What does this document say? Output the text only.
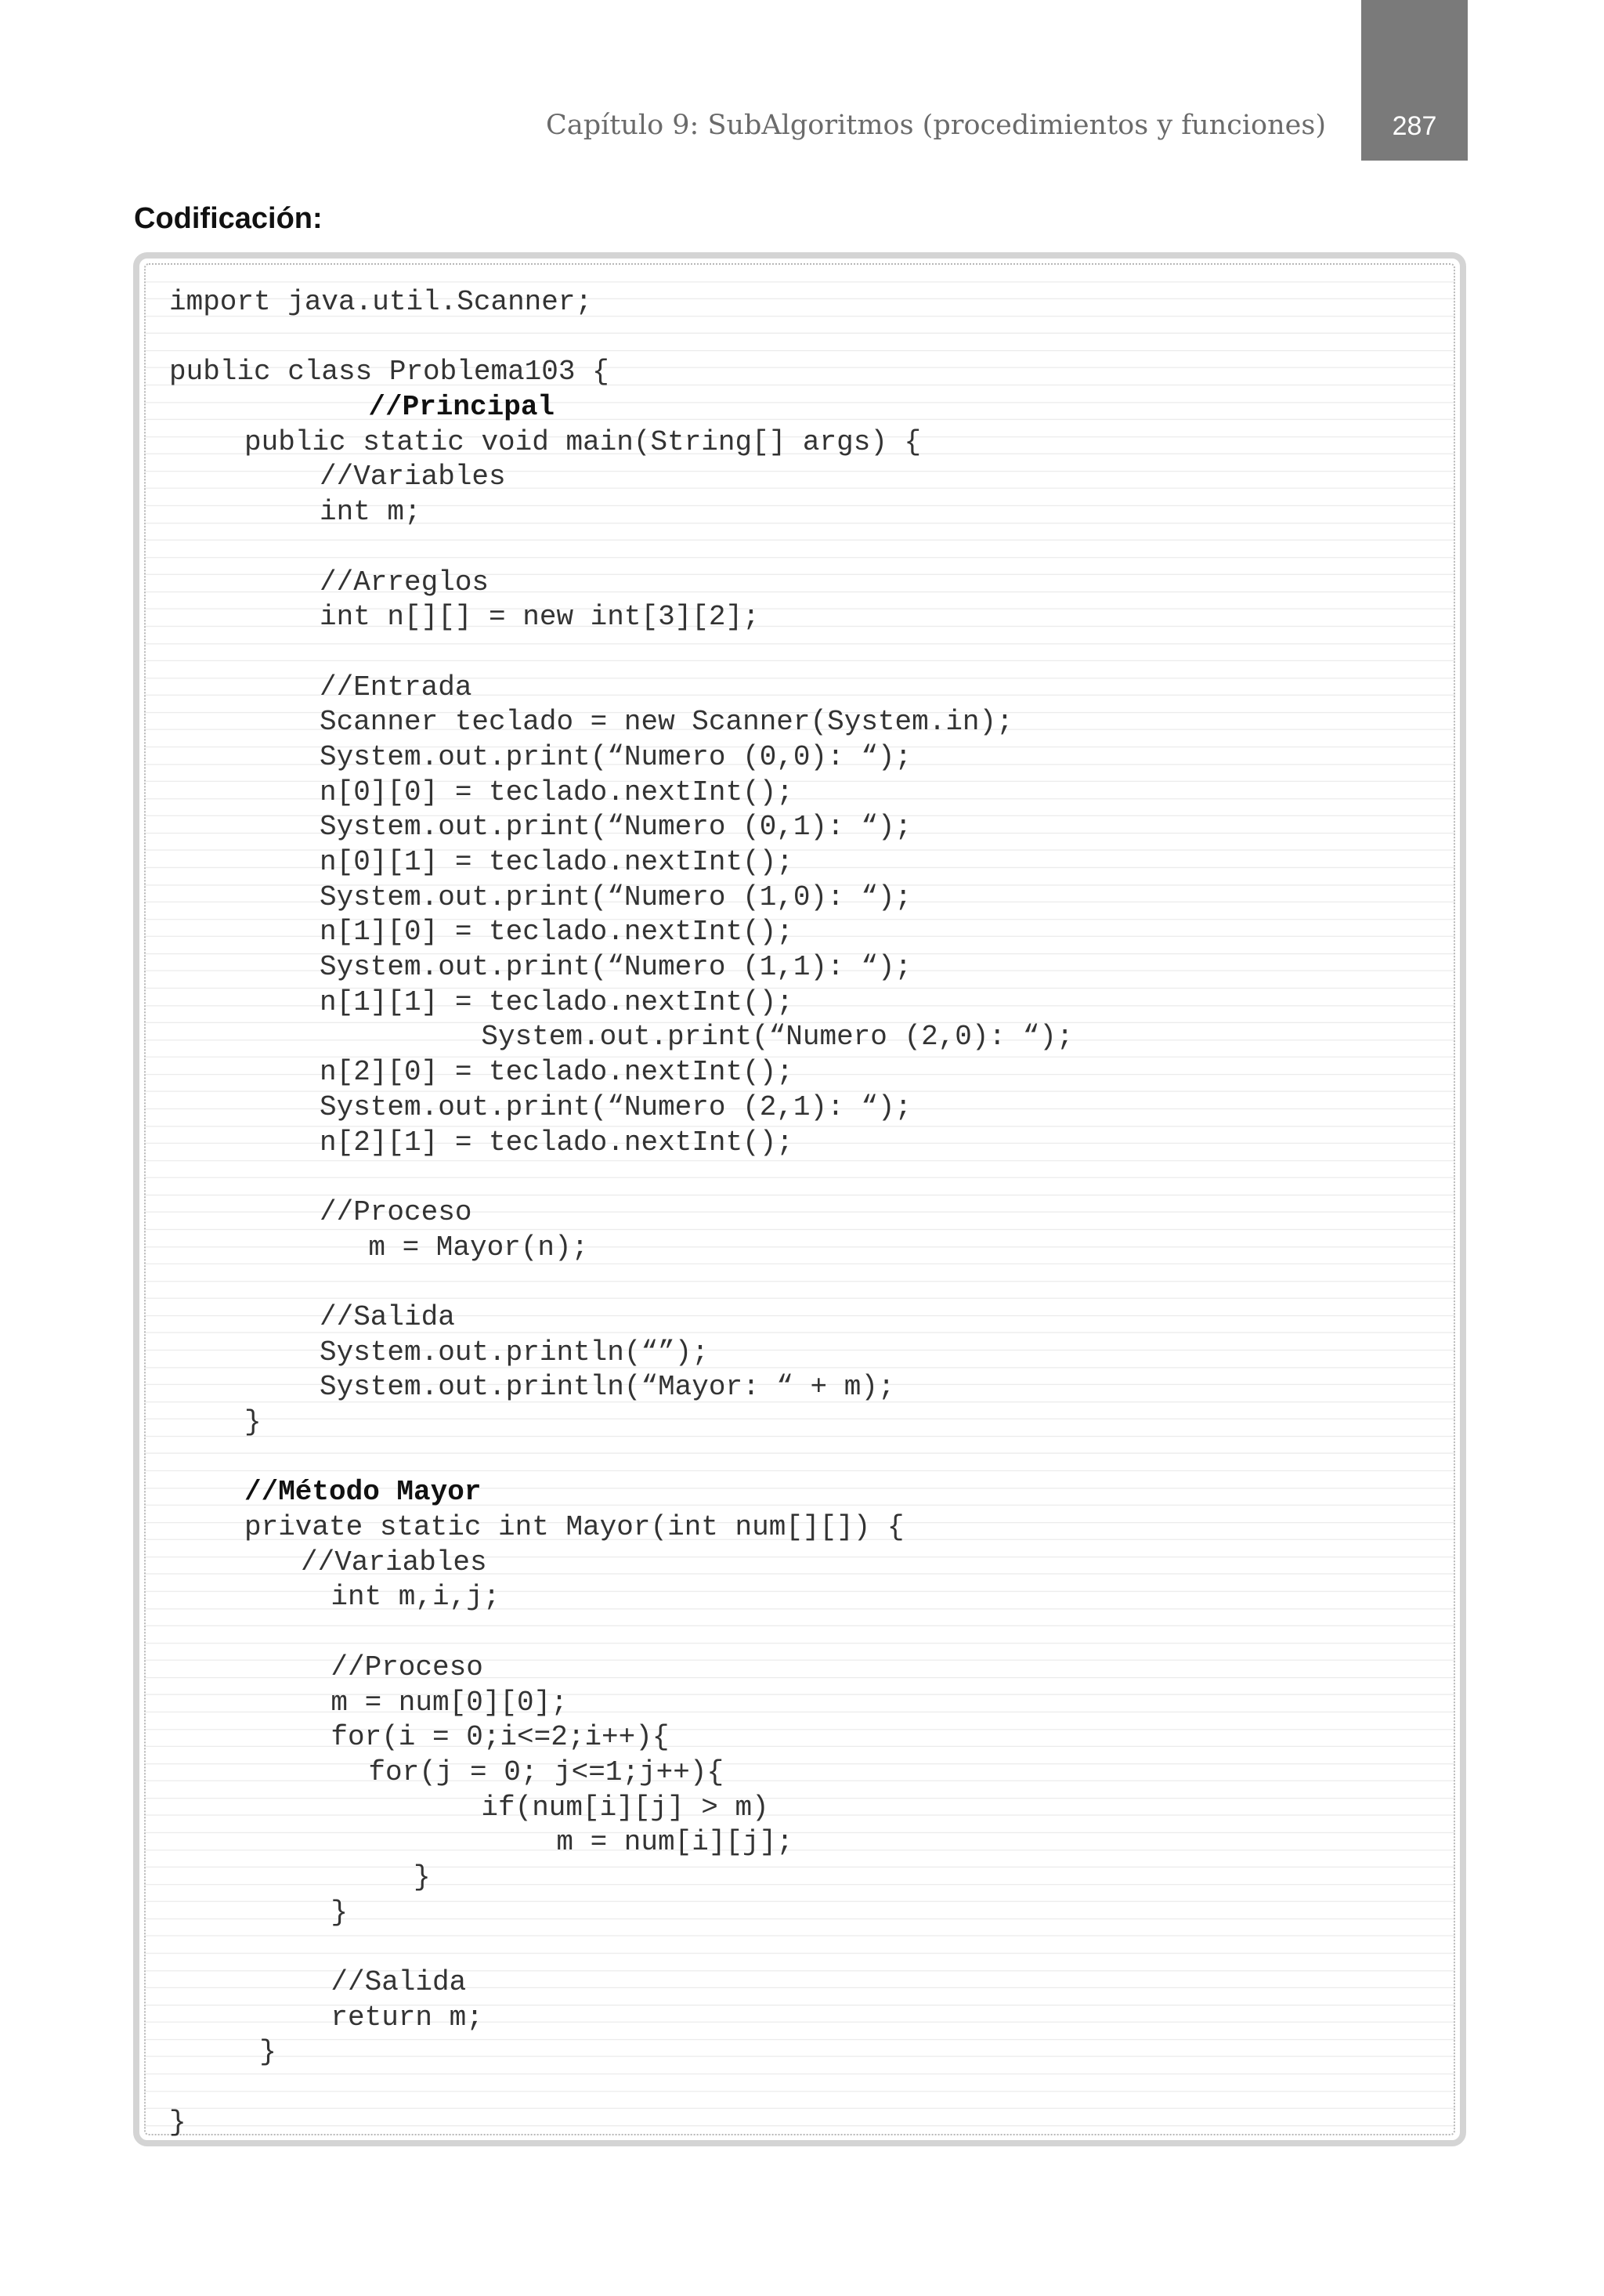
287
Capítulo 9: SubAlgoritmos (procedimientos y funciones)
Codificación:
import java.util.Scanner;
public class Problema103 {
//Principal
public static void main(String[] args) {
//Variables
int m;
//Arreglos
int n[][] = new int[3][2];
//Entrada
Scanner teclado = new Scanner(System.in);
System.out.print(“Numero (0,0): “);
n[0][0] = teclado.nextInt();
System.out.print(“Numero (0,1): “);
n[0][1] = teclado.nextInt();
System.out.print(“Numero (1,0): “);
n[1][0] = teclado.nextInt();
System.out.print(“Numero (1,1): “);
n[1][1] = teclado.nextInt();
System.out.print(“Numero (2,0): “);
n[2][0] = teclado.nextInt();
System.out.print(“Numero (2,1): “);
n[2][1] = teclado.nextInt();
//Proceso
m = Mayor(n);
//Salida
System.out.println(“”);
System.out.println(“Mayor: “ + m);
}
//Método Mayor
private static int Mayor(int num[][]) {
//Variables
int m,i,j;
//Proceso
m = num[0][0];
for(i = 0;i<=2;i++){
for(j = 0; j<=1;j++){
if(num[i][j] > m)
m = num[i][j];
}
}
//Salida
return m;
}
}
